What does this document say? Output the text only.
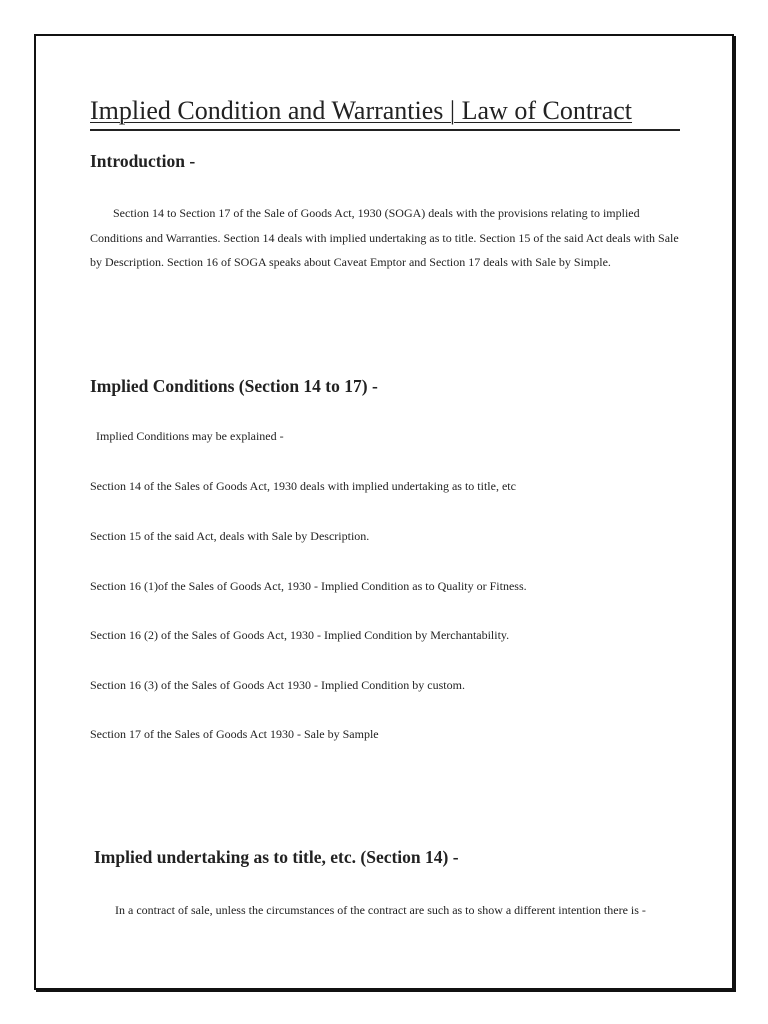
Implied Condition and Warranties | Law of Contract
Introduction -

Section 14 to Section 17 of the Sale of Goods Act, 1930 (SOGA) deals with the provisions relating to implied Conditions and Warranties. Section 14 deals with implied undertaking as to title. Section 15 of the said Act deals with Sale by Description. Section 16 of SOGA speaks about Caveat Emptor and Section 17 deals with Sale by Simple.

Implied Conditions (Section 14 to 17) -

Implied Conditions may be explained -

Section 14 of the Sales of Goods Act, 1930 deals with implied undertaking as to title, etc

Section 15 of the said Act, deals with Sale by Description.

Section 16 (1)of the Sales of Goods Act, 1930 - Implied Condition as to Quality or Fitness.

Section 16 (2) of the Sales of Goods Act, 1930 - Implied Condition by Merchantability.

Section 16 (3) of the Sales of Goods Act 1930 - Implied Condition by custom.

Section 17 of the Sales of Goods Act 1930 - Sale by Sample

Implied undertaking as to title, etc. (Section 14) -

In a contract of sale, unless the circumstances of the contract are such as to show a different intention there is -
